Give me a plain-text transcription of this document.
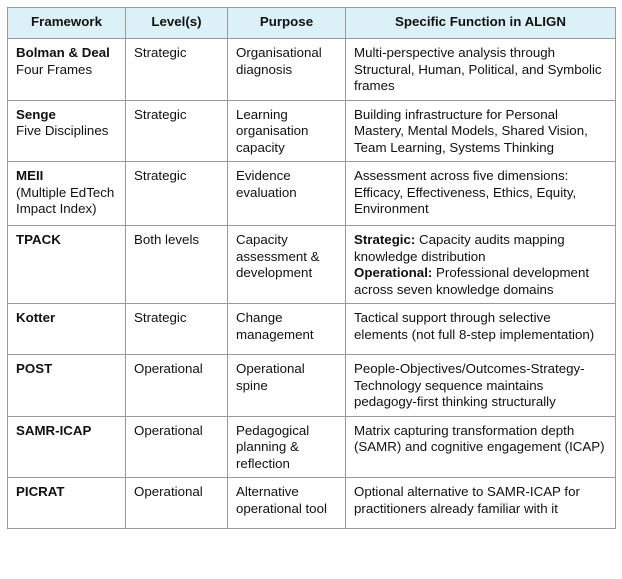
Framework	Level(s)	Purpose	Specific Function in ALIGN
Bolman & Deal
Four Frames	Strategic	Organisational diagnosis	Multi-perspective analysis through Structural, Human, Political, and Symbolic frames
Senge
Five Disciplines	Strategic	Learning organisation capacity	Building infrastructure for Personal Mastery, Mental Models, Shared Vision, Team Learning, Systems Thinking
MEII
(Multiple EdTech Impact Index)	Strategic	Evidence evaluation	Assessment across five dimensions: Efficacy, Effectiveness, Ethics, Equity, Environment
TPACK	Both levels	Capacity assessment & development	Strategic: Capacity audits mapping knowledge distribution
Operational: Professional development across seven knowledge domains
Kotter	Strategic	Change management	Tactical support through selective elements (not full 8-step implementation)
POST	Operational	Operational spine	People-Objectives/Outcomes-Strategy-Technology sequence maintains pedagogy-first thinking structurally
SAMR-ICAP	Operational	Pedagogical planning & reflection	Matrix capturing transformation depth (SAMR) and cognitive engagement (ICAP)
PICRAT	Operational	Alternative operational tool	Optional alternative to SAMR-ICAP for practitioners already familiar with it
